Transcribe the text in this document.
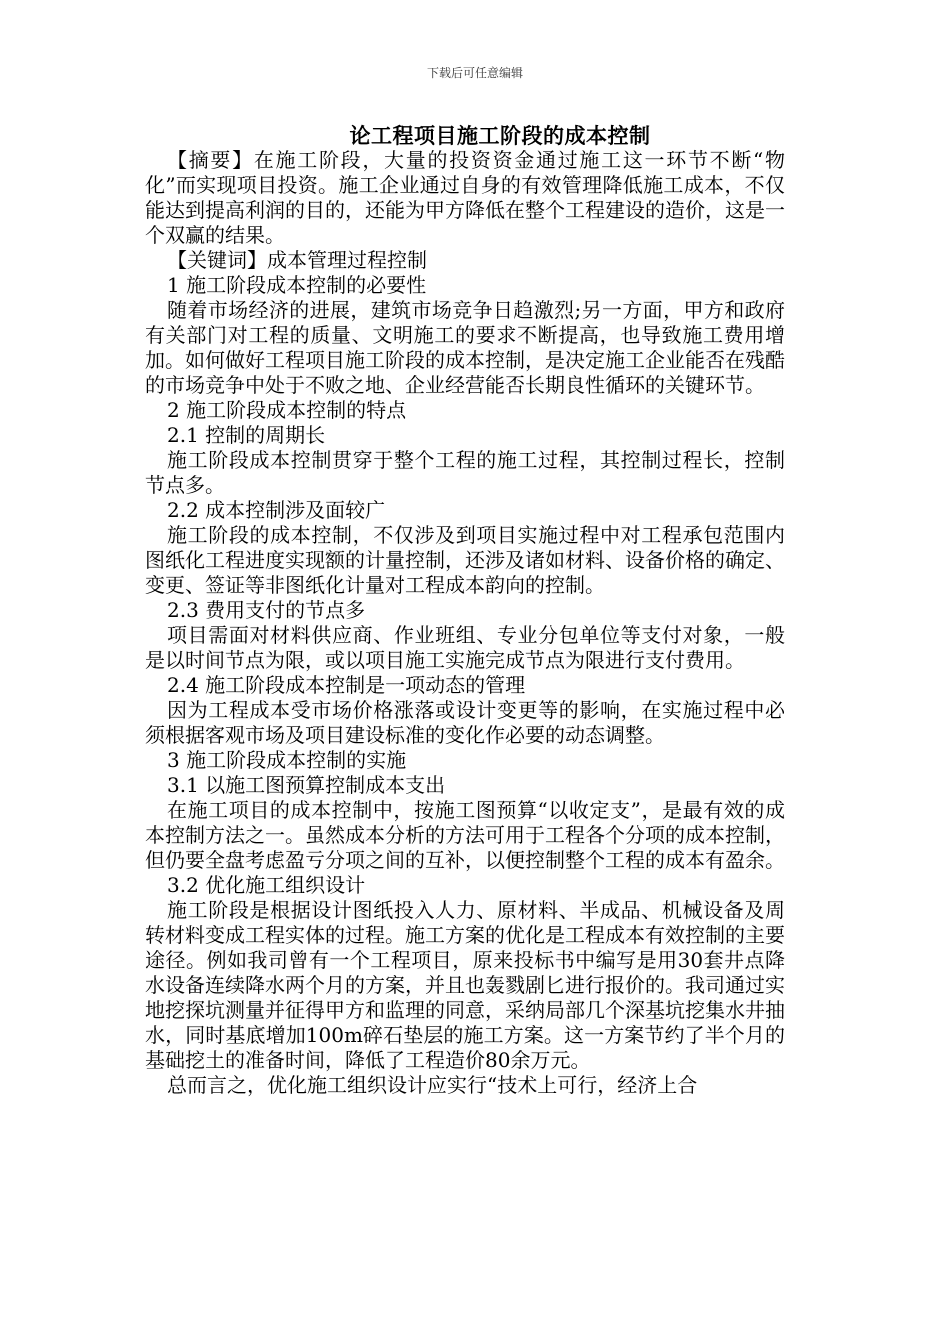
下载后可任意编辑
论工程项目施工阶段的成本控制

【摘要】在施工阶段，大量的投资资金通过施工这一环节不断“物化”而实现项目投资。施工企业通过自身的有效管理降低施工成本，不仅能达到提高利润的目的，还能为甲方降低在整个工程建设的造价，这是一个双赢的结果。

【关键词】成本管理过程控制

1 施工阶段成本控制的必要性

随着市场经济的进展，建筑市场竞争日趋激烈;另一方面，甲方和政府有关部门对工程的质量、文明施工的要求不断提高，也导致施工费用增加。如何做好工程项目施工阶段的成本控制，是决定施工企业能否在残酷的市场竞争中处于不败之地、企业经营能否长期良性循环的关键环节。

2 施工阶段成本控制的特点

2.1 控制的周期长

施工阶段成本控制贯穿于整个工程的施工过程，其控制过程长，控制节点多。

2.2 成本控制涉及面较广

施工阶段的成本控制，不仅涉及到项目实施过程中对工程承包范围内图纸化工程进度实现额的计量控制，还涉及诸如材料、设备价格的确定、变更、签证等非图纸化计量对工程成本韵向的控制。

2.3 费用支付的节点多

项目需面对材料供应商、作业班组、专业分包单位等支付对象，一般是以时间节点为限，或以项目施工实施完成节点为限进行支付费用。

2.4 施工阶段成本控制是一项动态的管理

因为工程成本受市场价格涨落或设计变更等的影响，在实施过程中必须根据客观市场及项目建设标准的变化作必要的动态调整。

3 施工阶段成本控制的实施

3.1 以施工图预算控制成本支出

在施工项目的成本控制中，按施工图预算“以收定支”，是最有效的成本控制方法之一。虽然成本分析的方法可用于工程各个分项的成本控制，但仍要全盘考虑盈亏分项之间的互补，以便控制整个工程的成本有盈余。

3.2 优化施工组织设计

施工阶段是根据设计图纸投入人力、原材料、半成品、机械设备及周转材料变成工程实体的过程。施工方案的优化是工程成本有效控制的主要途径。例如我司曾有一个工程项目，原来投标书中编写是用30套井点降水设备连续降水两个月的方案，并且也轰戮剧匕进行报价的。我司通过实地挖探坑测量并征得甲方和监理的同意，采纳局部几个深基坑挖集水井抽水，同时基底增加100m碎石垫层的施工方案。这一方案节约了半个月的基础挖土的准备时间，降低了工程造价80余万元。

总而言之，优化施工组织设计应实行“技术上可行，经济上合
